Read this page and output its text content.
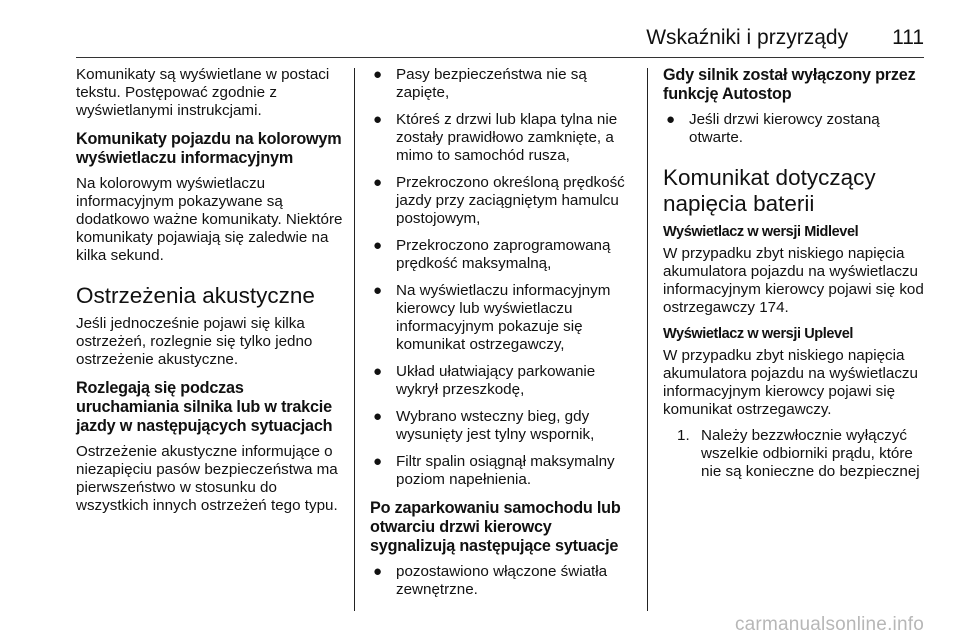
Wskaźniki i przyrządy 111

Komunikaty są wyświetlane w postaci tekstu. Postępować zgodnie z wyświetlanymi instrukcjami.

Komunikaty pojazdu na kolorowym wyświetlaczu informacyjnym

Na kolorowym wyświetlaczu informacyjnym pokazywane są dodatkowo ważne komunikaty. Niektóre komunikaty pojawiają się zaledwie na kilka sekund.

Ostrzeżenia akustyczne

Jeśli jednocześnie pojawi się kilka ostrzeżeń, rozlegnie się tylko jedno ostrzeżenie akustyczne.

Rozlegają się podczas uruchamiania silnika lub w trakcie jazdy w następujących sytuacjach

Ostrzeżenie akustyczne informujące o niezapięciu pasów bezpieczeństwa ma pierwszeństwo w stosunku do wszystkich innych ostrzeżeń tego typu.

● Pasy bezpieczeństwa nie są zapięte,
● Któreś z drzwi lub klapa tylna nie zostały prawidłowo zamknięte, a mimo to samochód rusza,
● Przekroczono określoną prędkość jazdy przy zaciągniętym hamulcu postojowym,
● Przekroczono zaprogramowaną prędkość maksymalną,
● Na wyświetlaczu informacyjnym kierowcy lub wyświetlaczu informacyjnym pokazuje się komunikat ostrzegawczy,
● Układ ułatwiający parkowanie wykrył przeszkodę,
● Wybrano wsteczny bieg, gdy wysunięty jest tylny wspornik,
● Filtr spalin osiągnął maksymalny poziom napełnienia.
Po zaparkowaniu samochodu lub otwarciu drzwi kierowcy sygnalizują następujące sytuacje
● pozostawiono włączone światła zewnętrzne.
Gdy silnik został wyłączony przez funkcję Autostop
● Jeśli drzwi kierowcy zostaną otwarte.
Komunikat dotyczący napięcia baterii
Wyświetlacz w wersji Midlevel

W przypadku zbyt niskiego napięcia akumulatora pojazdu na wyświetlaczu informacyjnym kierowcy pojawi się kod ostrzegawczy 174.

Wyświetlacz w wersji Uplevel

W przypadku zbyt niskiego napięcia akumulatora pojazdu na wyświetlaczu informacyjnym kierowcy pojawi się komunikat ostrzegawczy.

1. Należy bezzwłocznie wyłączyć wszelkie odbiorniki prądu, które nie są konieczne do bezpiecznej
carmanualsonline.info
